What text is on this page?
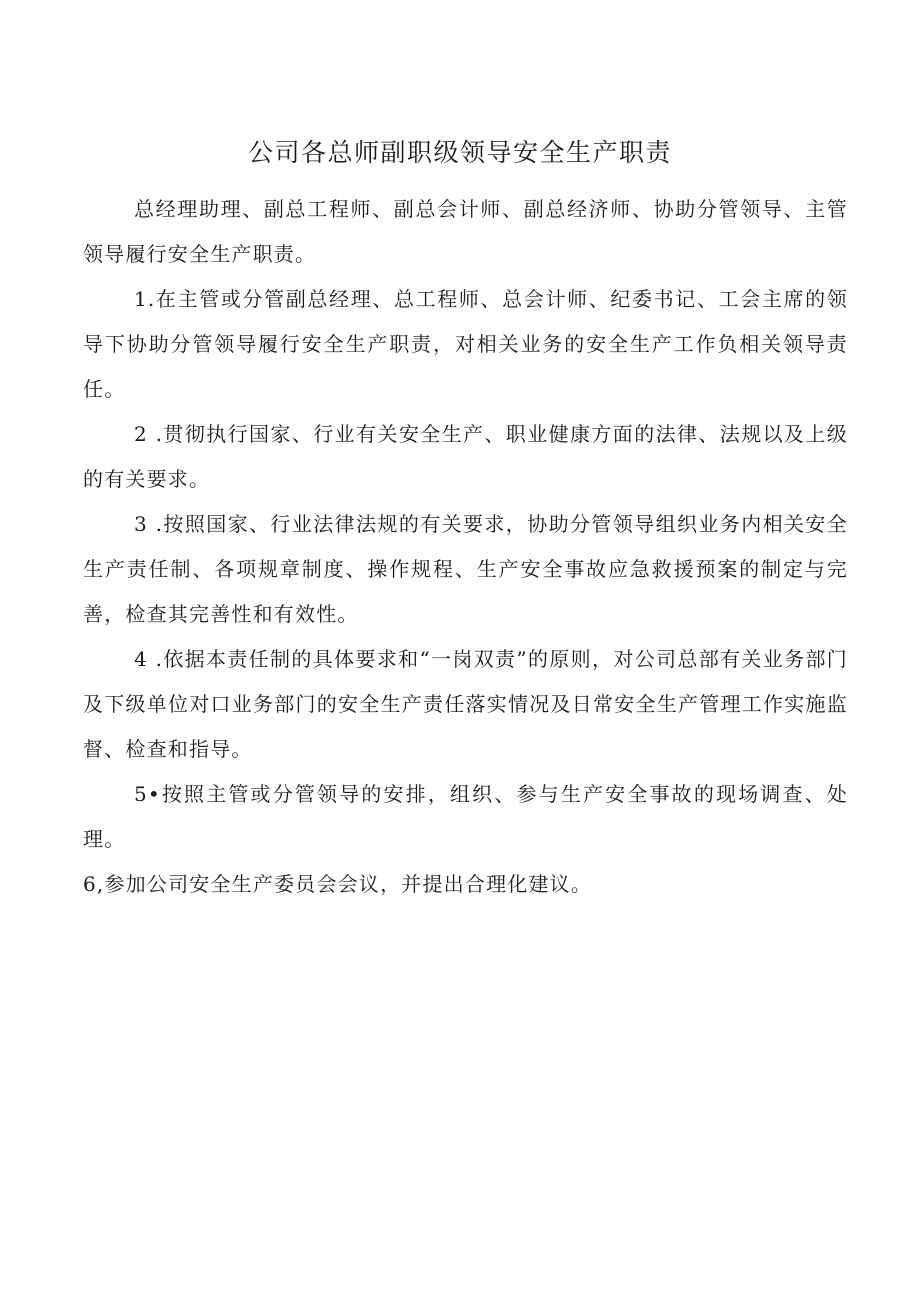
公司各总师副职级领导安全生产职责

总经理助理、副总工程师、副总会计师、副总经济师、协助分管领导、主管领导履行安全生产职责。

1.在主管或分管副总经理、总工程师、总会计师、纪委书记、工会主席的领导下协助分管领导履行安全生产职责，对相关业务的安全生产工作负相关领导责任。

2 .贯彻执行国家、行业有关安全生产、职业健康方面的法律、法规以及上级的有关要求。

3 .按照国家、行业法律法规的有关要求，协助分管领导组织业务内相关安全生产责任制、各项规章制度、操作规程、生产安全事故应急救援预案的制定与完善，检查其完善性和有效性。

4 .依据本责任制的具体要求和“一岗双责”的原则，对公司总部有关业务部门及下级单位对口业务部门的安全生产责任落实情况及日常安全生产管理工作实施监督、检查和指导。

5•按照主管或分管领导的安排，组织、参与生产安全事故的现场调查、处理。

6,参加公司安全生产委员会会议，并提出合理化建议。
